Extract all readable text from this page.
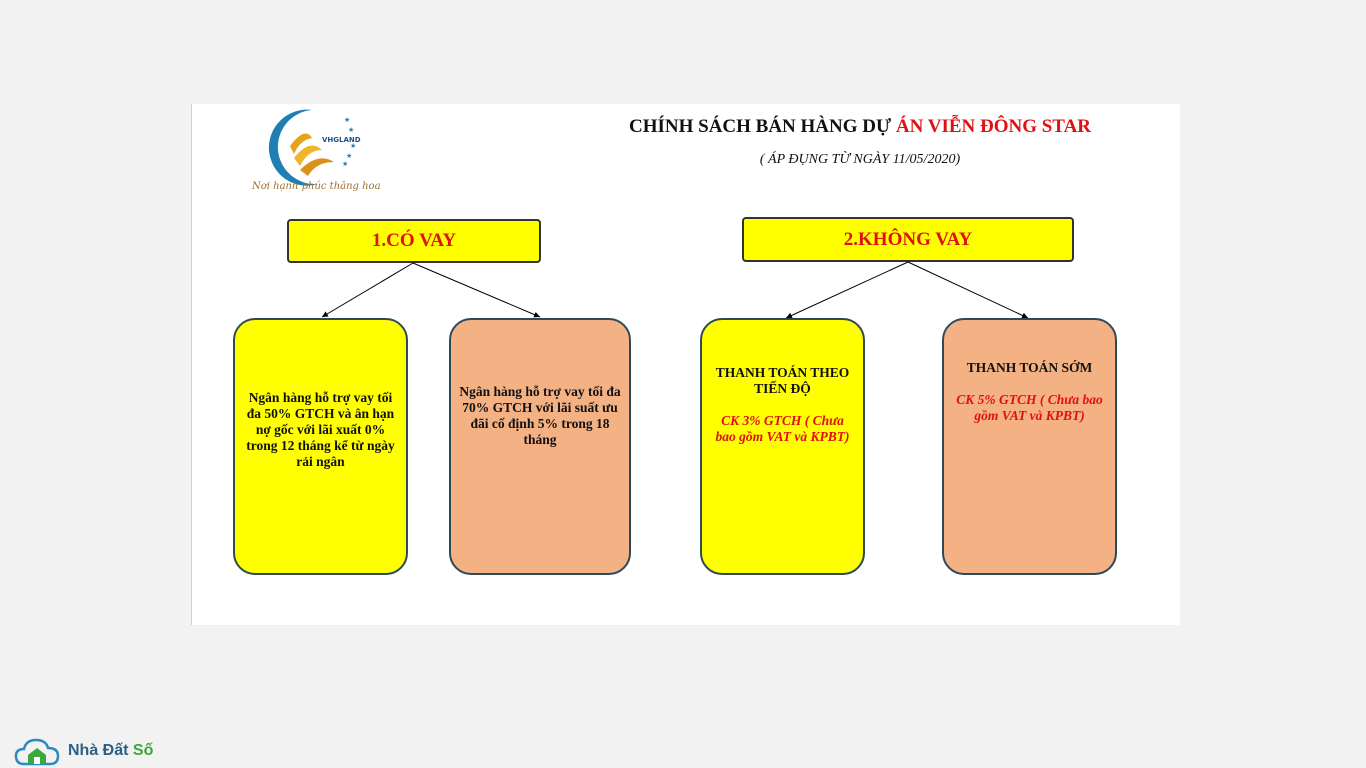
VHGLAND
★
★
★
★
★
Nơi hạnh phúc thăng hoa
CHÍNH SÁCH BÁN HÀNG DỰ ÁN VIỄN ĐÔNG STAR
( ÁP ĐỤNG TỪ NGÀY 11/05/2020)
1.CÓ VAY	2.KHÔNG VAY
Ngân hàng hỗ trợ vay tối đa 50% GTCH và ân hạn nợ gốc với lãi xuất 0% trong 12 tháng kể từ ngày rải ngân
Ngân hàng hỗ trợ vay tối đa 70% GTCH với lãi suất ưu đãi cố định 5% trong 18 tháng
THANH TOÁN THEO TIẾN ĐỘ
CK 3% GTCH ( Chưa bao gồm VAT và KPBT)
THANH TOÁN SỚM
CK 5% GTCH ( Chưa bao gồm VAT và KPBT)
Nhà Đất Số
